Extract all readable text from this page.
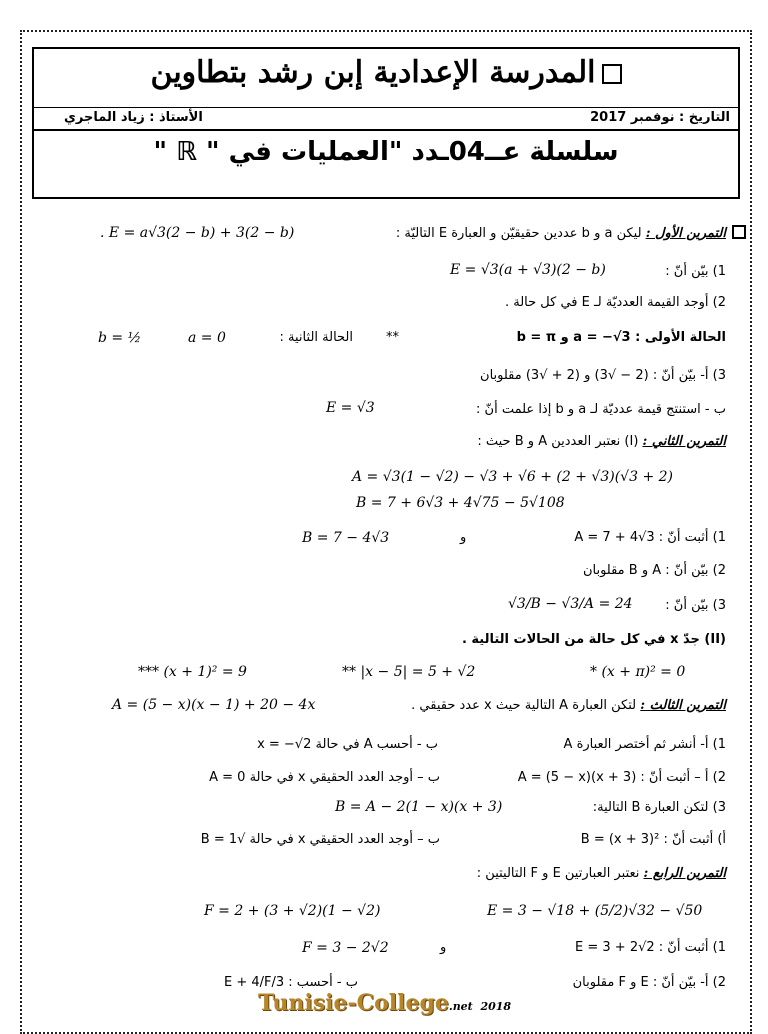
المدرسة الإعدادية إبن رشد بتطاوين
التاريخ : نوفمبر 2017
الأستاذ : زياد الماجري
سلسلة عــ04ـدد "العمليات في " ℝ "
التمرين الأول : ليكن a و b عددين حقيقيّن و العبارة E التاليّة :
. E = a√3(2 − b) + 3(2 − b)
1) بيّن أنّ :
E = √3(a + √3)(2 − b)
2) أوجد القيمة العدديّة لـ E في كل حالة .
الحالة الأولى : a = −√3 و b = π
**
الحالة الثانية :
a = 0
b = ½
3) أ- بيّن أنّ : (2 − √3) و (2 + √3) مقلوبان
ب - استنتج قيمة عدديّة لـ a و b إذا علمت أنّ :
E = √3
التمرين الثاني : (I) نعتبر العددين A و B حيث :
A = √3(1 − √2) − √3 + √6 + (2 + √3)(√3 + 2)
B = 7 + 6√3 + 4√75 − 5√108
1) أثبت أنّ : A = 7 + 4√3
و
B = 7 − 4√3
2) بيّن أنّ : A و B مقلوبان
3) بيّن أنّ :
√3/B − √3/A = 24
(II) جدّ x في كل حالة من الحالات التالية .
* (x + π)² = 0
** |x − 5| = 5 + √2
*** (x + 1)² = 9
التمرين الثالث : لتكن العبارة A التالية حيث x عدد حقيقي .
A = (5 − x)(x − 1) + 20 − 4x
1) أ- أنشر ثم أختصر العبارة A
ب - أحسب A في حالة x = −√2
2) أ – أثبت أنّ : A = (5 − x)(x + 3)
ب – أوجد العدد الحقيقي x في حالة A = 0
3) لتكن العبارة B التالية:
B = A − 2(1 − x)(x + 3)
أ) أثبت أنّ : B = (x + 3)²
ب – أوجد العدد الحقيقي x في حالة √B = 1
التمرين الرابع : نعتبر العبارتين E و F التاليتين :
E = 3 − √18 + (5/2)√32 − √50
F = 2 + (3 + √2)(1 − √2)
1) أثبت أنّ : E = 3 + 2√2
و
F = 3 − 2√2
2) أ- بيّن أنّ : E و F مقلوبان
ب - أحسب : 3/E + 4/F
Tunisie-College.net 2018
